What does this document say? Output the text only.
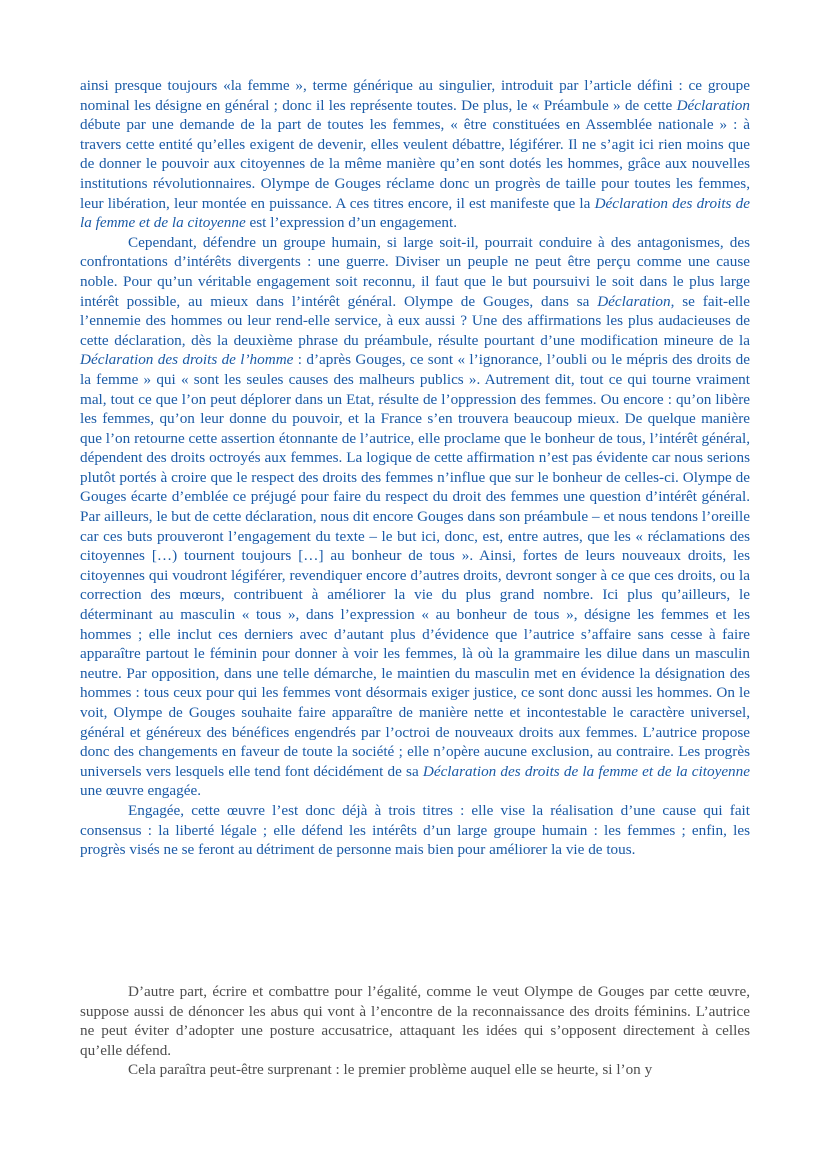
ainsi presque toujours «la femme », terme générique au singulier, introduit par l’article défini : ce groupe nominal les désigne en général ; donc il les représente toutes. De plus, le « Préambule » de cette Déclaration débute par une demande de la part de toutes les femmes, « être constituées en Assemblée nationale » : à travers cette entité qu’elles exigent de devenir, elles veulent débattre, légiférer. Il ne s’agit ici rien moins que de donner le pouvoir aux citoyennes de la même manière qu’en sont dotés les hommes, grâce aux nouvelles institutions révolutionnaires. Olympe de Gouges réclame donc un progrès de taille pour toutes les femmes, leur libération, leur montée en puissance. A ces titres encore, il est manifeste que la Déclaration des droits de la femme et de la citoyenne est l’expression d’un engagement.

Cependant, défendre un groupe humain, si large soit-il, pourrait conduire à des antagonismes, des confrontations d’intérêts divergents : une guerre. Diviser un peuple ne peut être perçu comme une cause noble. Pour qu’un véritable engagement soit reconnu, il faut que le but poursuivi le soit dans le plus large intérêt possible, au mieux dans l’intérêt général. Olympe de Gouges, dans sa Déclaration, se fait-elle l’ennemie des hommes ou leur rend-elle service, à eux aussi ? Une des affirmations les plus audacieuses de cette déclaration, dès la deuxième phrase du préambule, résulte pourtant d’une modification mineure de la Déclaration des droits de l’homme : d’après Gouges, ce sont « l’ignorance, l’oubli ou le mépris des droits de la femme » qui « sont les seules causes des malheurs publics ». Autrement dit, tout ce qui tourne vraiment mal, tout ce que l’on peut déplorer dans un Etat, résulte de l’oppression des femmes. Ou encore : qu’on libère les femmes, qu’on leur donne du pouvoir, et la France s’en trouvera beaucoup mieux. De quelque manière que l’on retourne cette assertion étonnante de l’autrice, elle proclame que le bonheur de tous, l’intérêt général, dépendent des droits octroyés aux femmes. La logique de cette affirmation n’est pas évidente car nous serions plutôt portés à croire que le respect des droits des femmes n’influe que sur le bonheur de celles-ci. Olympe de Gouges écarte d’emblée ce préjugé pour faire du respect du droit des femmes une question d’intérêt général. Par ailleurs, le but de cette déclaration, nous dit encore Gouges dans son préambule – et nous tendons l’oreille car ces buts prouveront l’engagement du texte – le but ici, donc, est, entre autres, que les « réclamations des citoyennes […) tournent toujours […] au bonheur de tous ». Ainsi, fortes de leurs nouveaux droits, les citoyennes qui voudront légiférer, revendiquer encore d’autres droits, devront songer à ce que ces droits, ou la correction des mœurs, contribuent à améliorer la vie du plus grand nombre. Ici plus qu’ailleurs, le déterminant au masculin « tous », dans l’expression « au bonheur de tous », désigne les femmes et les hommes ; elle inclut ces derniers avec d’autant plus d’évidence que l’autrice s’affaire sans cesse à faire apparaître partout le féminin pour donner à voir les femmes, là où la grammaire les dilue dans un masculin neutre. Par opposition, dans une telle démarche, le maintien du masculin met en évidence la désignation des hommes : tous ceux pour qui les femmes vont désormais exiger justice, ce sont donc aussi les hommes. On le voit, Olympe de Gouges souhaite faire apparaître de manière nette et incontestable le caractère universel, général et généreux des bénéfices engendrés par l’octroi de nouveaux droits aux femmes. L’autrice propose donc des changements en faveur de toute la société ; elle n’opère aucune exclusion, au contraire. Les progrès universels vers lesquels elle tend font décidément de sa Déclaration des droits de la femme et de la citoyenne une œuvre engagée.

Engagée, cette œuvre l’est donc déjà à trois titres : elle vise la réalisation d’une cause qui fait consensus : la liberté légale ; elle défend les intérêts d’un large groupe humain : les femmes ; enfin, les progrès visés ne se feront au détriment de personne mais bien pour améliorer la vie de tous.

D’autre part, écrire et combattre pour l’égalité, comme le veut Olympe de Gouges par cette œuvre, suppose aussi de dénoncer les abus qui vont à l’encontre de la reconnaissance des droits féminins. L’autrice ne peut éviter d’adopter une posture accusatrice, attaquant les idées qui s’opposent directement à celles qu’elle défend.

Cela paraîtra peut-être surprenant : le premier problème auquel elle se heurte, si l’on y
